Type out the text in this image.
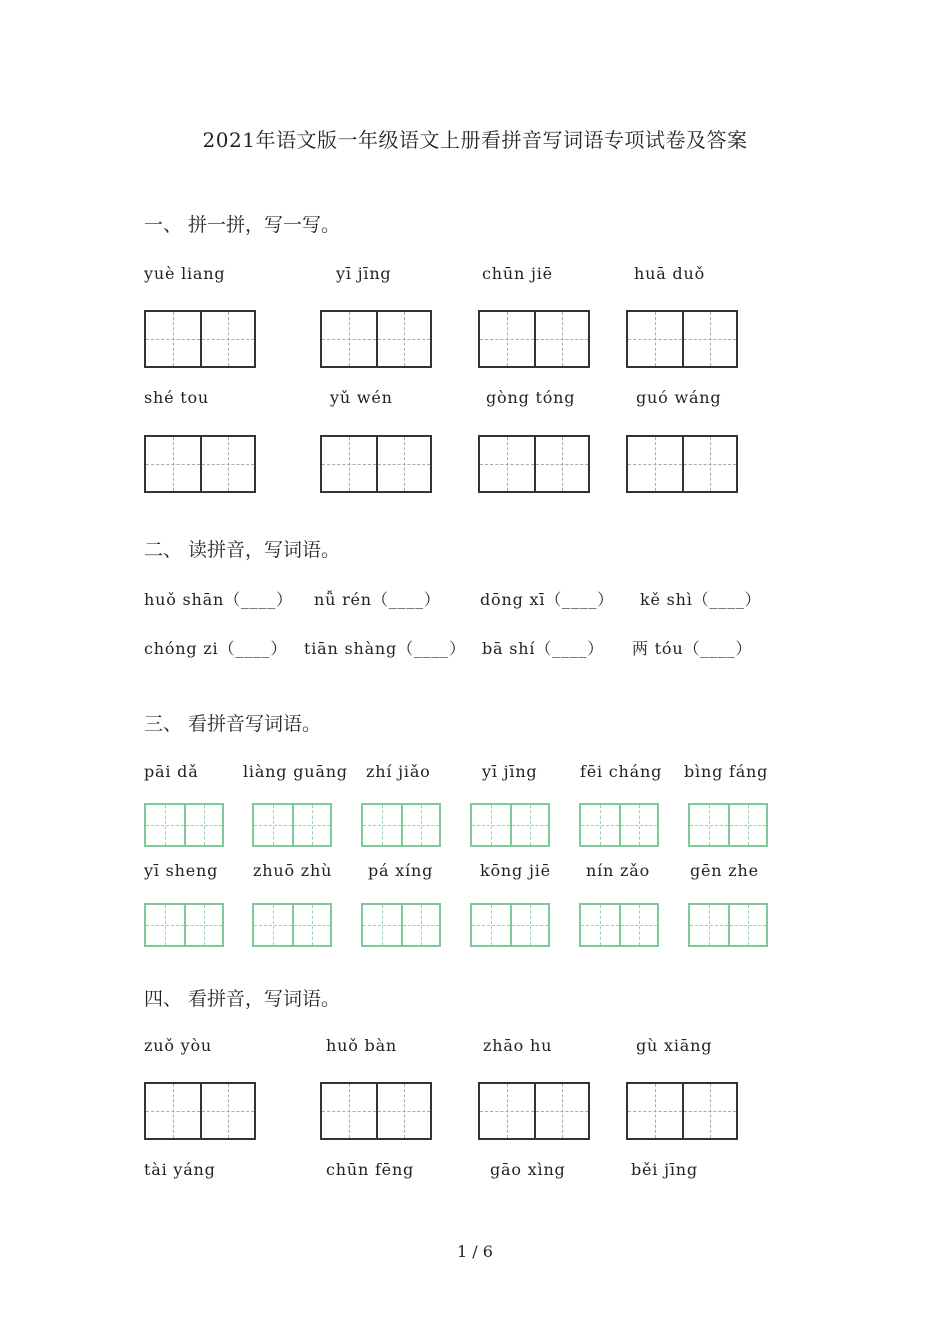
2021年语文版一年级语文上册看拼音写词语专项试卷及答案
一、 拼一拼，写一写。
yuè liang	yī jīng	chūn jiē	huā duǒ
shé tou	yǔ wén	gòng tóng	guó wáng
二、 读拼音，写词语。
huǒ shān（____） nǚ rén（____） dōng xī（____） kě shì（____）
chóng zi（____） tiān shàng（____） bā shí（____） 两 tóu（____）
三、 看拼音写词语。
pāi dǎ	liàng guāng zhí jiǎo	yī jīng	fēi cháng bìng fáng
yī sheng zhuō zhù pá xíng	kōng jiē nín zǎo gēn zhe
四、 看拼音，写词语。
zuǒ yòu	huǒ bàn	zhāo hu	gù xiāng
tài yáng	chūn fēng	gāo xìng	běi jīng
1 / 6
